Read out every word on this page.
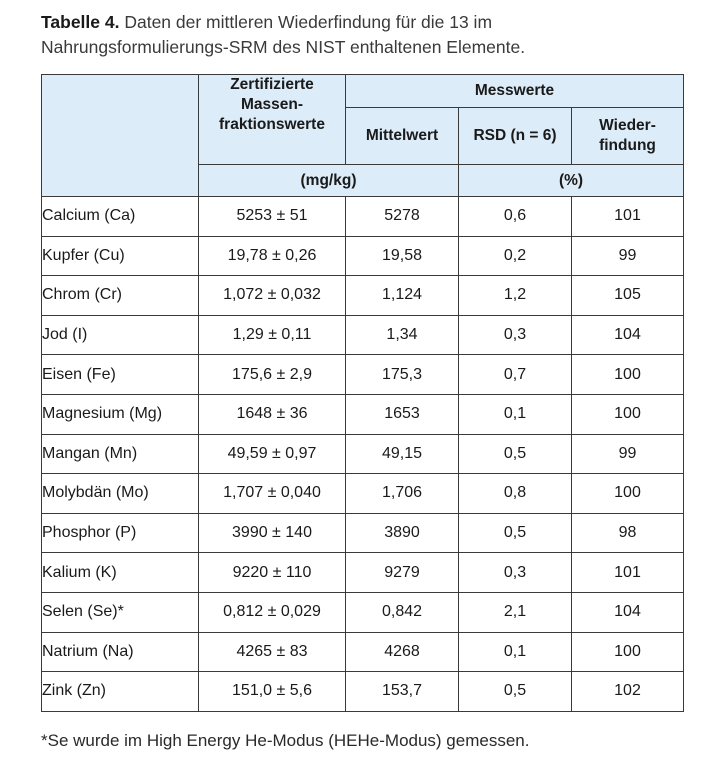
Tabelle 4. Daten der mittleren Wiederfindung für die 13 im Nahrungsformulierungs-SRM des NIST enthaltenen Elemente.

	Zertifizierte
Massen-
fraktionswerte	Messwerte		
		Mittelwert	RSD (n = 6)	Wieder-
findung

	(mg/kg)		(%)	
Calcium (Ca)	5253 ± 51	5278	0,6	101
Kupfer (Cu)	19,78 ± 0,26	19,58	0,2	99
Chrom (Cr)	1,072 ± 0,032	1,124	1,2	105
Jod (I)	1,29 ± 0,11	1,34	0,3	104
Eisen (Fe)	175,6 ± 2,9	175,3	0,7	100
Magnesium (Mg)	1648 ± 36	1653	0,1	100
Mangan (Mn)	49,59 ± 0,97	49,15	0,5	99
Molybdän (Mo)	1,707 ± 0,040	1,706	0,8	100
Phosphor (P)	3990 ± 140	3890	0,5	98
Kalium (K)	9220 ± 110	9279	0,3	101
Selen (Se)*	0,812 ± 0,029	0,842	2,1	104
Natrium (Na)	4265 ± 83	4268	0,1	100
Zink (Zn)	151,0 ± 5,6	153,7	0,5	102
*Se wurde im High Energy He-Modus (HEHe-Modus) gemessen.
